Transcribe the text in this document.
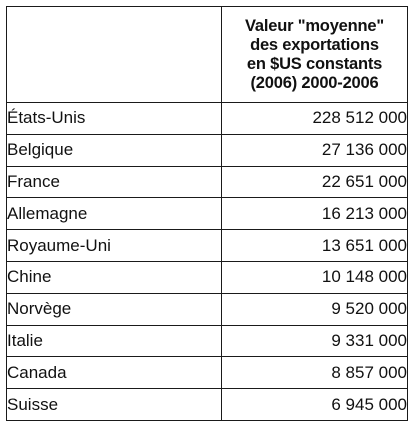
	Valeur "moyenne"
des exportations
en $US constants
(2006) 2000-2006
États-Unis	228 512 000
Belgique	27 136 000
France	22 651 000
Allemagne	16 213 000
Royaume-Uni	13 651 000
Chine	10 148 000
Norvège	9 520 000
Italie	9 331 000
Canada	8 857 000
Suisse	6 945 000
